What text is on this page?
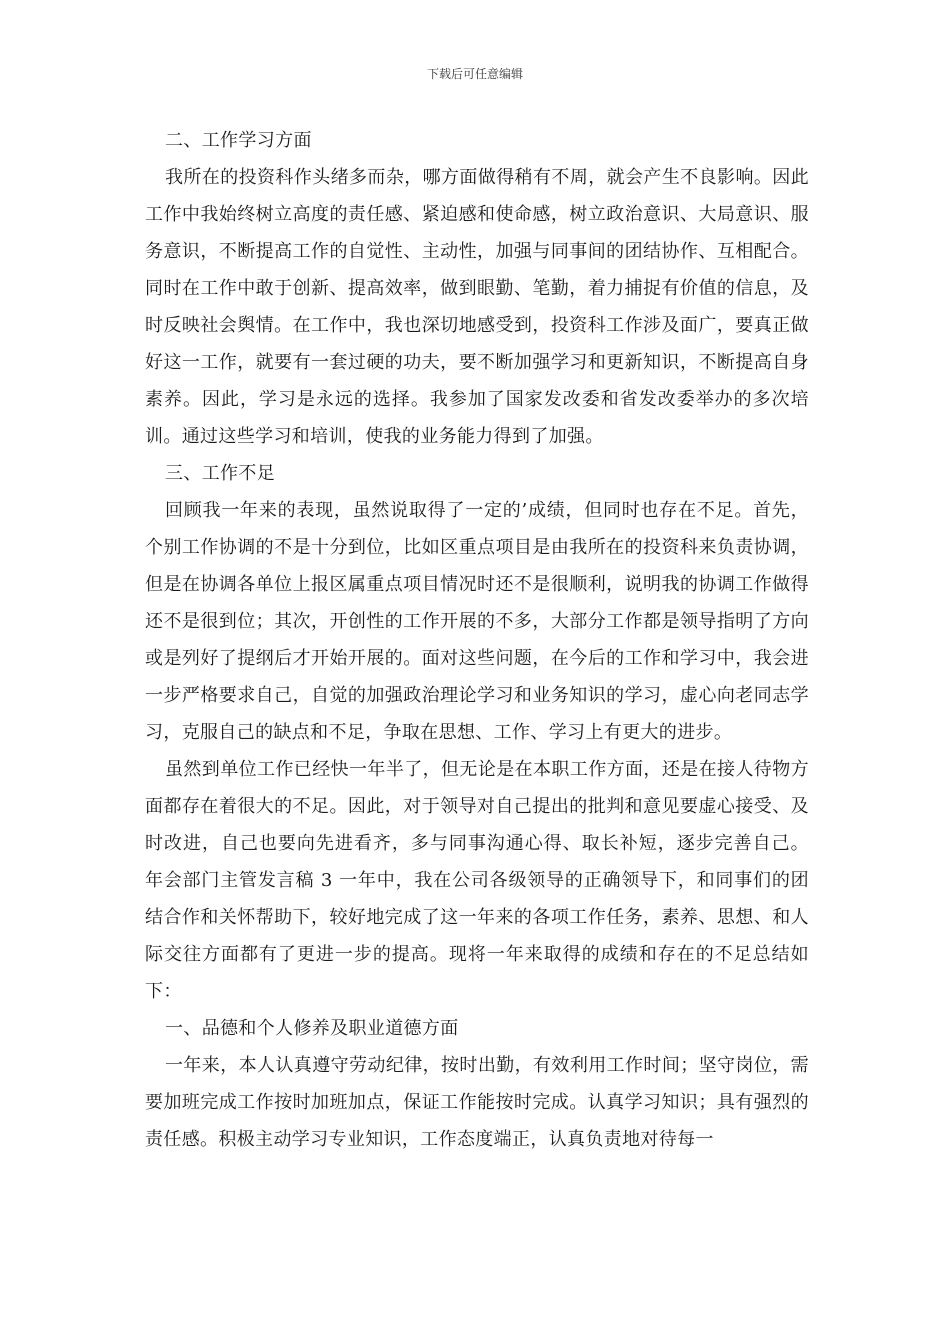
下载后可任意编辑

二、工作学习方面

我所在的投资科作头绪多而杂，哪方面做得稍有不周，就会产生不良影响。因此工作中我始终树立高度的责任感、紧迫感和使命感，树立政治意识、大局意识、服务意识，不断提高工作的自觉性、主动性，加强与同事间的团结协作、互相配合。同时在工作中敢于创新、提高效率，做到眼勤、笔勤，着力捕捉有价值的信息，及时反映社会舆情。在工作中，我也深切地感受到，投资科工作涉及面广，要真正做好这一工作，就要有一套过硬的功夫，要不断加强学习和更新知识，不断提高自身素养。因此，学习是永远的选择。我参加了国家发改委和省发改委举办的多次培训。通过这些学习和培训，使我的业务能力得到了加强。

三、工作不足

回顾我一年来的表现，虽然说取得了一定的’成绩，但同时也存在不足。首先，个别工作协调的不是十分到位，比如区重点项目是由我所在的投资科来负责协调，但是在协调各单位上报区属重点项目情况时还不是很顺利，说明我的协调工作做得还不是很到位；其次，开创性的工作开展的不多，大部分工作都是领导指明了方向或是列好了提纲后才开始开展的。面对这些问题，在今后的工作和学习中，我会进一步严格要求自己，自觉的加强政治理论学习和业务知识的学习，虚心向老同志学习，克服自己的缺点和不足，争取在思想、工作、学习上有更大的进步。

虽然到单位工作已经快一年半了，但无论是在本职工作方面，还是在接人待物方面都存在着很大的不足。因此，对于领导对自己提出的批判和意见要虚心接受、及时改进，自己也要向先进看齐，多与同事沟通心得、取长补短，逐步完善自己。 年会部门主管发言稿 3 一年中，我在公司各级领导的正确领导下，和同事们的团结合作和关怀帮助下，较好地完成了这一年来的各项工作任务，素养、思想、和人际交往方面都有了更进一步的提高。现将一年来取得的成绩和存在的不足总结如下：

一、品德和个人修养及职业道德方面

一年来，本人认真遵守劳动纪律，按时出勤，有效利用工作时间；坚守岗位，需要加班完成工作按时加班加点，保证工作能按时完成。认真学习知识；具有强烈的责任感。积极主动学习专业知识，工作态度端正，认真负责地对待每一
